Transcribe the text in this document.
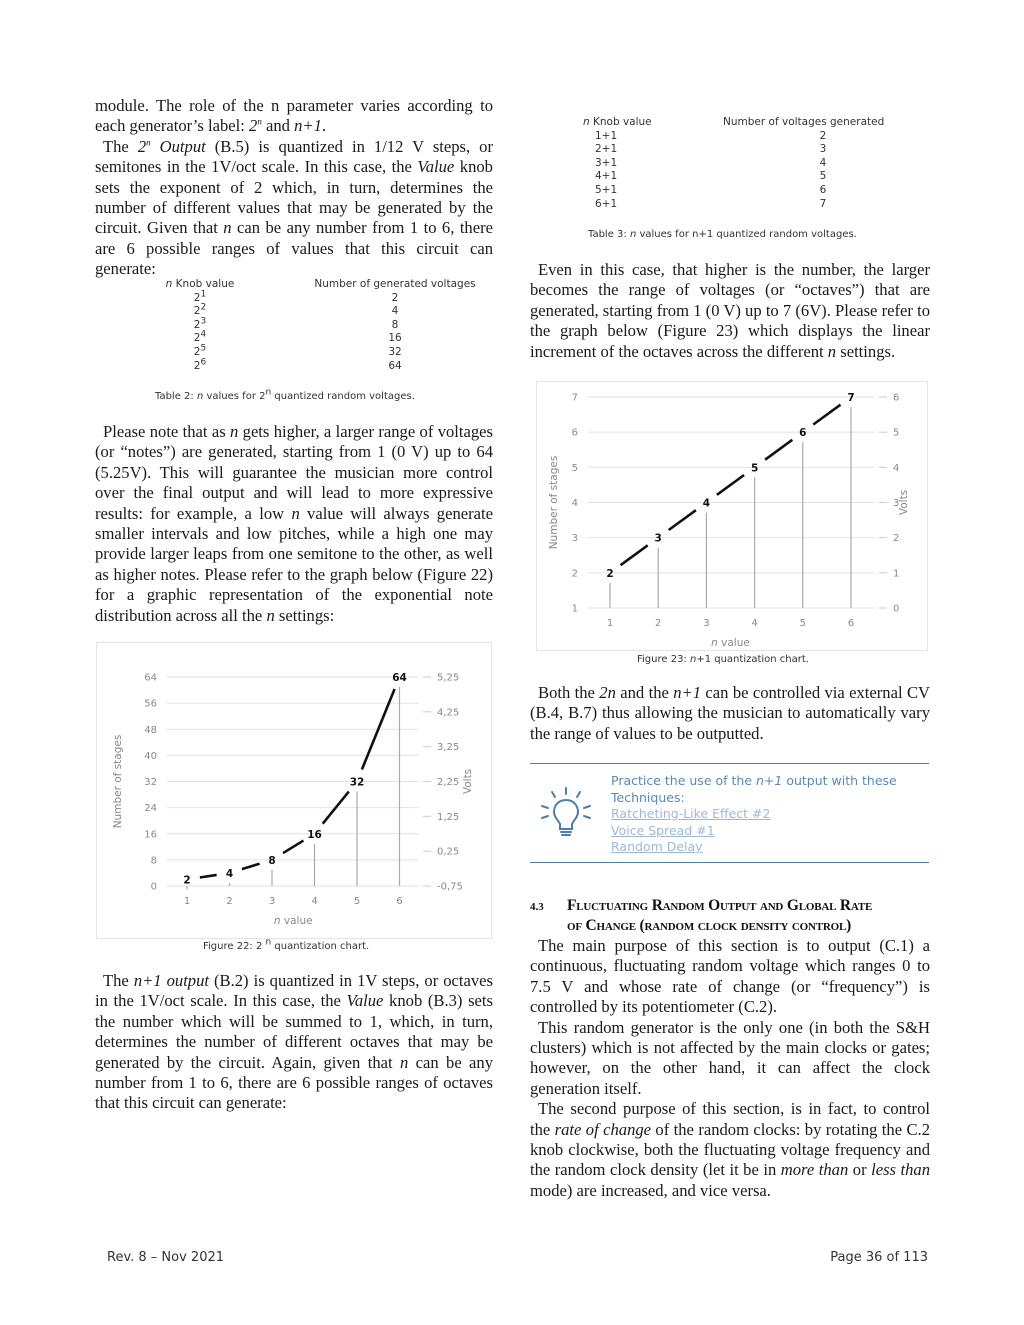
module. The role of the n parameter varies according to each generator’s label: 2$^n$ and n+1.

The 2$^n$ Output (B.5) is quantized in 1/12 V steps, or semitones in the 1V/oct scale. In this case, the Value knob sets the exponent of 2 which, in turn, determines the number of different values that may be generated by the circuit. Given that n can be any number from 1 to 6, there are 6 possible ranges of values that this circuit can generate:

n Knob value	Number of generated voltages
$2^1$	2
$2^2$	4
$2^3$	8
$2^4$	16
$2^5$	32
$2^6$	64
Table 2: n values for 2$^n$ quantized random voltages.

Please note that as n gets higher, a larger range of voltages (or “notes”) are generated, starting from 1 (0 V) up to 64 (5.25V). This will guarantee the musician more control over the final output and will lead to more expressive results: for example, a low n value will always generate smaller intervals and low pitches, while a high one may provide larger leaps from one semitone to the other, as well as higher notes. Please refer to the graph below (Figure 22) for a graphic representation of the exponential note distribution across all the n settings:

0
8
16
24
32
40
48
56
64
-0,75
0,25
1,25
2,25
3,25
4,25
5,25
1	2	3	4	5	6
n value
Number of stages	Volts
2
4
8
16
32
64
Figure 22: 2 $^n$ quantization chart.

The n+1 output (B.2) is quantized in 1V steps, or octaves in the 1V/oct scale. In this case, the Value knob (B.3) sets the number which will be summed to 1, which, in turn, determines the number of different octaves that may be generated by the circuit. Again, given that n can be any number from 1 to 6, there are 6 possible ranges of octaves that this circuit can generate:

n Knob value	Number of voltages generated
1+1	2
2+1	3
3+1	4
4+1	5
5+1	6
6+1	7
Table 3: n values for n+1 quantized random voltages.

Even in this case, that higher is the number, the larger becomes the range of voltages (or “octaves”) that are generated, starting from 1 (0 V) up to 7 (6V). Please refer to the graph below (Figure 23) which displays the linear increment of the octaves across the different n settings.

1
2
3
4
5
6
7
0
1
2
3
4
5
6
1	2	3	4	5	6
n value
Number of stages	Volts
2
3
4
5
6
7
Figure 23: n+1 quantization chart.

Both the 2n and the n+1 can be controlled via external CV (B.4, B.7) thus allowing the musician to automatically vary the range of values to be outputted.

Practice the use of the n+1 output with these
Techniques:
Ratcheting-Like Effect #2
Voice Spread #1
Random Delay
4.3 Fluctuating Random Output and Global Rate
of Change (random clock density control)

The main purpose of this section is to output (C.1) a continuous, fluctuating random voltage which ranges 0 to 7.5 V and whose rate of change (or “frequency”) is controlled by its potentiometer (C.2).

This random generator is the only one (in both the S&H clusters) which is not affected by the main clocks or gates; however, on the other hand, it can affect the clock generation itself.

The second purpose of this section, is in fact, to control the rate of change of the random clocks: by rotating the C.2 knob clockwise, both the fluctuating voltage frequency and the random clock density (let it be in more than or less than mode) are increased, and vice versa.

Rev. 8 – Nov 2021	Page 36 of 113
